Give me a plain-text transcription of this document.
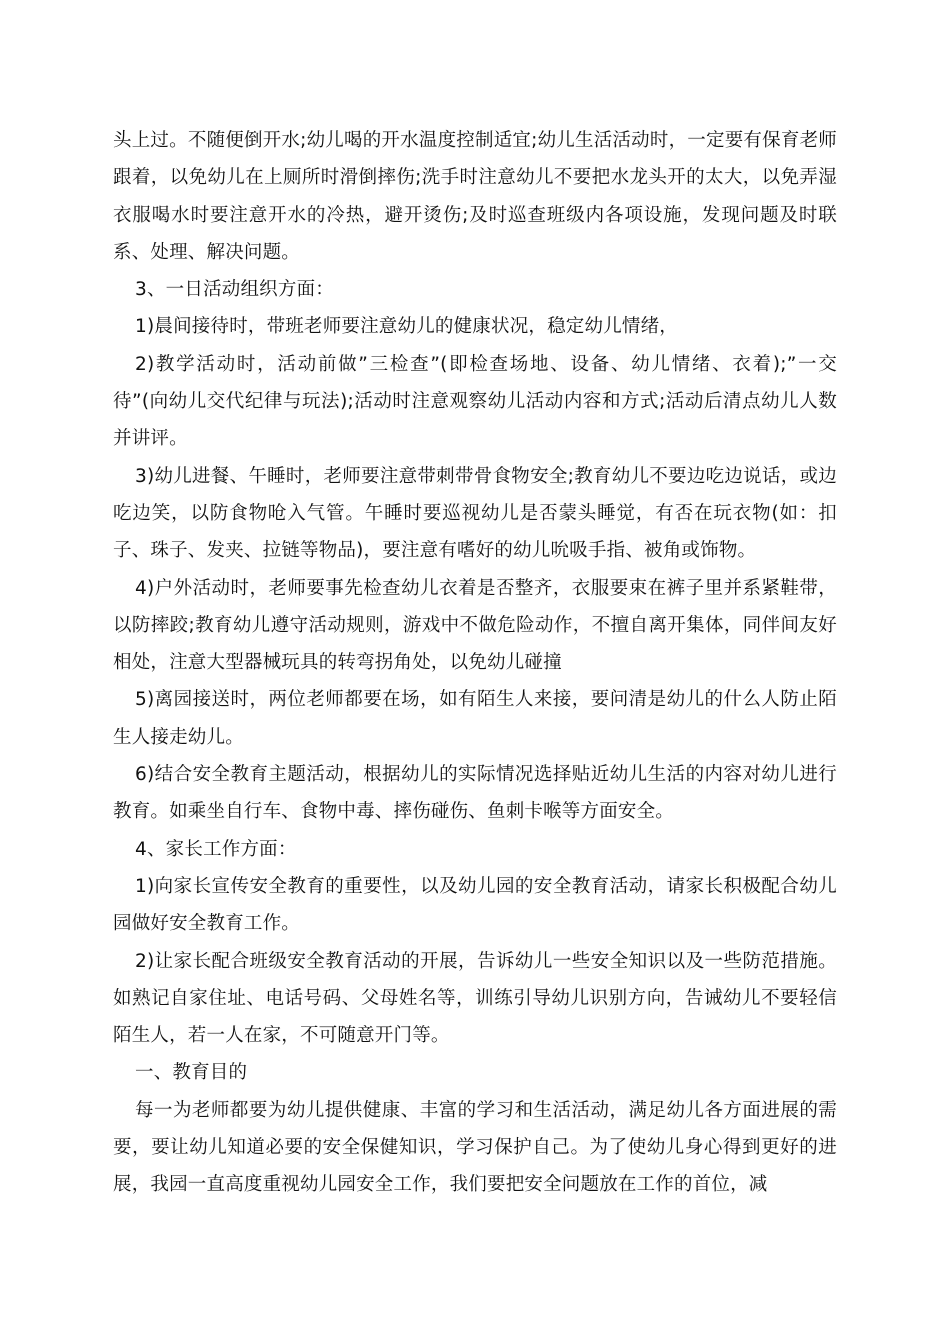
头上过。不随便倒开水;幼儿喝的开水温度控制适宜;幼儿生活活动时，一定要有保育老师跟着，以免幼儿在上厕所时滑倒摔伤;洗手时注意幼儿不要把水龙头开的太大，以免弄湿衣服喝水时要注意开水的冷热，避开烫伤;及时巡查班级内各项设施，发现问题及时联系、处理、解决问题。

3、一日活动组织方面：

1)晨间接待时，带班老师要注意幼儿的健康状况，稳定幼儿情绪，

2)教学活动时，活动前做”三检查”(即检查场地、设备、幼儿情绪、衣着);”一交待”(向幼儿交代纪律与玩法);活动时注意观察幼儿活动内容和方式;活动后清点幼儿人数并讲评。

3)幼儿进餐、午睡时，老师要注意带刺带骨食物安全;教育幼儿不要边吃边说话，或边吃边笑，以防食物呛入气管。午睡时要巡视幼儿是否蒙头睡觉，有否在玩衣物(如：扣子、珠子、发夹、拉链等物品)，要注意有嗜好的幼儿吮吸手指、被角或饰物。

4)户外活动时，老师要事先检查幼儿衣着是否整齐，衣服要束在裤子里并系紧鞋带，以防摔跤;教育幼儿遵守活动规则，游戏中不做危险动作，不擅自离开集体，同伴间友好相处，注意大型器械玩具的转弯拐角处，以免幼儿碰撞

5)离园接送时，两位老师都要在场，如有陌生人来接，要问清是幼儿的什么人防止陌生人接走幼儿。

6)结合安全教育主题活动，根据幼儿的实际情况选择贴近幼儿生活的内容对幼儿进行教育。如乘坐自行车、食物中毒、摔伤碰伤、鱼刺卡喉等方面安全。

4、家长工作方面：

1)向家长宣传安全教育的重要性，以及幼儿园的安全教育活动，请家长积极配合幼儿园做好安全教育工作。

2)让家长配合班级安全教育活动的开展，告诉幼儿一些安全知识以及一些防范措施。如熟记自家住址、电话号码、父母姓名等，训练引导幼儿识别方向，告诫幼儿不要轻信陌生人，若一人在家，不可随意开门等。

一、教育目的

每一为老师都要为幼儿提供健康、丰富的学习和生活活动，满足幼儿各方面进展的需要，要让幼儿知道必要的安全保健知识，学习保护自己。为了使幼儿身心得到更好的进展，我园一直高度重视幼儿园安全工作，我们要把安全问题放在工作的首位，减
